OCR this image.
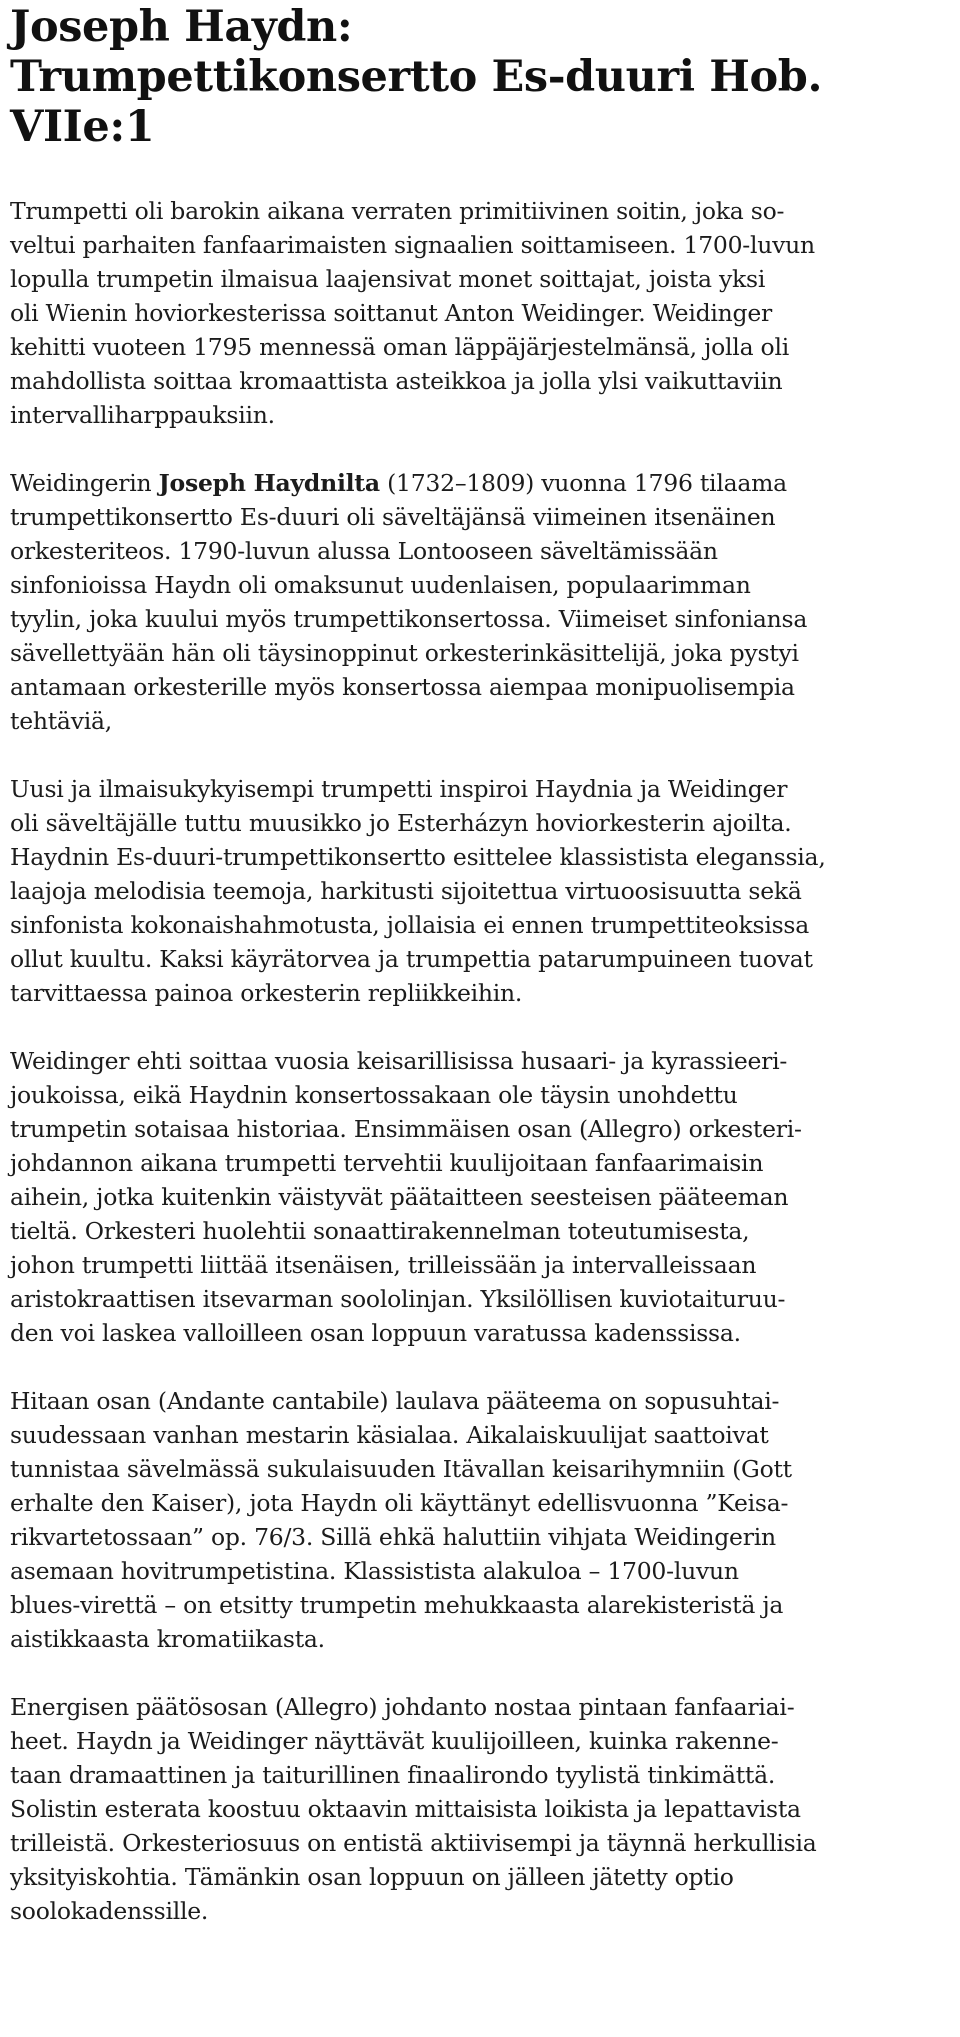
Joseph Haydn:
Trumpettikonsertto Es-duuri Hob. VIIe:1

Trumpetti oli barokin aikana verraten primitiivinen soitin, joka so-
veltui parhaiten fanfaarimaisten signaalien soittamiseen. 1700-luvun
lopulla trumpetin ilmaisua laajensivat monet soittajat, joista yksi
oli Wienin hoviorkesterissa soittanut Anton Weidinger. Weidinger
kehitti vuoteen 1795 mennessä oman läppäjärjestelmänsä, jolla oli
mahdollista soittaa kromaattista asteikkoa ja jolla ylsi vaikuttaviin
intervalliharppauksiin.

Weidingerin Joseph Haydnilta (1732–1809) vuonna 1796 tilaama
trumpettikonsertto Es-duuri oli säveltäjänsä viimeinen itsenäinen
orkesteriteos. 1790-luvun alussa Lontooseen säveltämissään
sinfonioissa Haydn oli omaksunut uudenlaisen, populaarimman
tyylin, joka kuului myös trumpettikonsertossa. Viimeiset sinfoniansa
sävellettyään hän oli täysinoppinut orkesterinkäsittelijä, joka pystyi
antamaan orkesterille myös konsertossa aiempaa monipuolisempia
tehtäviä,

Uusi ja ilmaisukykyisempi trumpetti inspiroi Haydnia ja Weidinger
oli säveltäjälle tuttu muusikko jo Esterházyn hoviorkesterin ajoilta.
Haydnin Es-duuri-trumpettikonsertto esittelee klassistista eleganssia,
laajoja melodisia teemoja, harkitusti sijoitettua virtuoosisuutta sekä
sinfonista kokonaishahmotusta, jollaisia ei ennen trumpettiteoksissa
ollut kuultu. Kaksi käyrätorvea ja trumpettia patarumpuineen tuovat
tarvittaessa painoa orkesterin repliikkeihin.

Weidinger ehti soittaa vuosia keisarillisissa husaari- ja kyrassieeri-
joukoissa, eikä Haydnin konsertossakaan ole täysin unohdettu
trumpetin sotaisaa historiaa. Ensimmäisen osan (Allegro) orkesteri-
johdannon aikana trumpetti tervehtii kuulijoitaan fanfaarimaisin
aihein, jotka kuitenkin väistyvät päätaitteen seesteisen pääteeman
tieltä. Orkesteri huolehtii sonaattirakennelman toteutumisesta,
johon trumpetti liittää itsenäisen, trilleissään ja intervalleissaan
aristokraattisen itsevarman soololinjan. Yksilöllisen kuviotaituruu-
den voi laskea valloilleen osan loppuun varatussa kadenssissa.

Hitaan osan (Andante cantabile) laulava pääteema on sopusuhtai-
suudessaan vanhan mestarin käsialaa. Aikalaiskuulijat saattoivat
tunnistaa sävelmässä sukulaisuuden Itävallan keisarihymniin (Gott
erhalte den Kaiser), jota Haydn oli käyttänyt edellisvuonna ”Keisa-
rikvartetossaan” op. 76/3. Sillä ehkä haluttiin vihjata Weidingerin
asemaan hovitrumpetistina. Klassistista alakuloa – 1700-luvun
blues-virettä – on etsitty trumpetin mehukkaasta alarekisteristä ja
aistikkaasta kromatiikasta.

Energisen päätösosan (Allegro) johdanto nostaa pintaan fanfaariai-
heet. Haydn ja Weidinger näyttävät kuulijoilleen, kuinka rakenne-
taan dramaattinen ja taiturillinen finaalirondo tyylistä tinkimättä.
Solistin esterata koostuu oktaavin mittaisista loikista ja lepattavista
trilleistä. Orkesteriosuus on entistä aktiivisempi ja täynnä herkullisia
yksityiskohtia. Tämänkin osan loppuun on jälleen jätetty optio
soolokadenssille.
